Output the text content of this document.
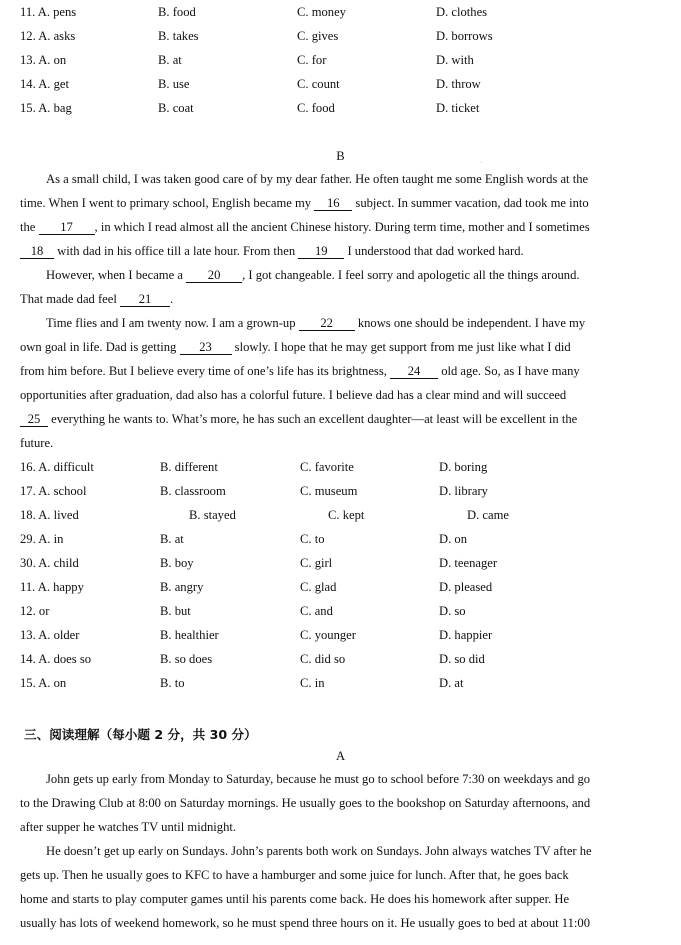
11. A. pens	B. food	C. money	D. clothes
12. A. asks	B. takes	C. gives	D. borrows
13. A. on	B. at	C. for	D. with
14. A. get	B. use	C. count	D. throw
15. A. bag	B. coat	C. food	D. ticket
B	·
As a small child, I was taken good care of by my dear father. He often taught me some English words at the
time. When I went to primary school, English became my 16 subject. In summer vacation, dad took me into
the 17 , in which I read almost all the ancient Chinese history. During term time, mother and I sometimes
18 with dad in his office till a late hour. From then 19 I understood that dad worked hard.
However, when I became a 20 , I got changeable. I feel sorry and apologetic all the things around.
That made dad feel 21 .
Time flies and I am twenty now. I am a grown-up 22 knows one should be independent. I have my
own goal in life. Dad is getting 23 slowly. I hope that he may get support from me just like what I did
from him before. But I believe every time of one’s life has its brightness, 24 old age. So, as I have many
opportunities after graduation, dad also has a colorful future. I believe dad has a clear mind and will succeed
25 everything he wants to. What’s more, he has such an excellent daughter—at least will be excellent in the
future.
16. A. difficult	B. different	C. favorite	D. boring
17. A. school	B. classroom	C. museum	D. library
18. A. lived	B. stayed	C. kept	D. came
29. A. in	B. at	C. to	D. on
30. A. child	B. boy	C. girl	D. teenager
11. A. happy	B. angry	C. glad	D. pleased
12. or	B. but	C. and	D. so
13. A. older	B. healthier	C. younger	D. happier
14. A. does so	B. so does	C. did so	D. so did
15. A. on	B. to	C. in	D. at
三、阅读理解（每小题 2 分，共 30 分）
A
John gets up early from Monday to Saturday, because he must go to school before 7:30 on weekdays and go
to the Drawing Club at 8:00 on Saturday mornings. He usually goes to the bookshop on Saturday afternoons, and
after supper he watches TV until midnight.
He doesn’t get up early on Sundays. John’s parents both work on Sundays. John always watches TV after he
gets up. Then he usually goes to KFC to have a hamburger and some juice for lunch. After that, he goes back
home and starts to play computer games until his parents come back. He does his homework after supper. He
usually has lots of weekend homework, so he must spend three hours on it. He usually goes to bed at about 11:00
